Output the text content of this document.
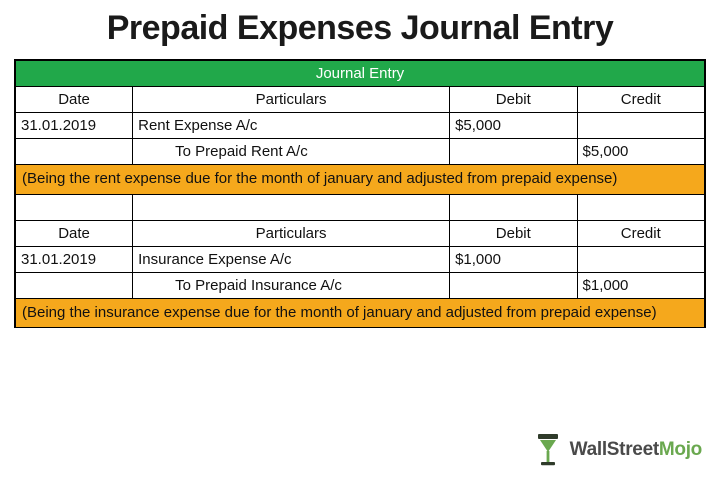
Prepaid Expenses Journal Entry
Journal Entry			
Date	Particulars	Debit	Credit
31.01.2019	Rent Expense A/c	$5,000	
	To Prepaid Rent A/c		$5,000
(Being the rent expense due for the month of january and adjusted from prepaid expense)			

Date	Particulars	Debit	Credit
31.01.2019	Insurance Expense A/c	$1,000	
	To Prepaid Insurance A/c		$1,000
(Being the insurance expense due for the month of january and adjusted from prepaid expense)			
WallStreetMojo
